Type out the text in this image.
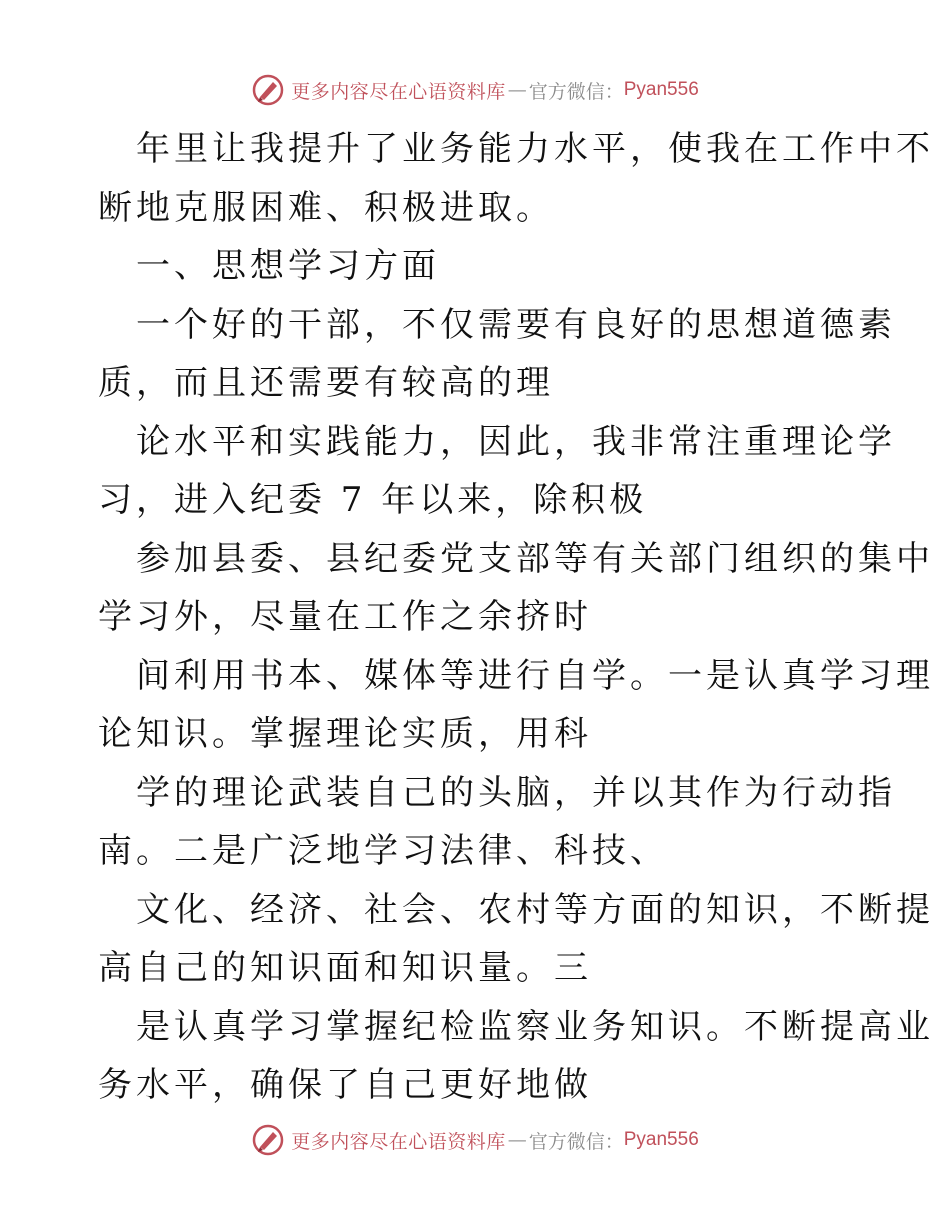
更多内容尽在心语资料库 — 官方微信： Pyan556
年里让我提升了业务能力水平，使我在工作中不
断地克服困难、积极进取。
一、思想学习方面
一个好的干部，不仅需要有良好的思想道德素
质，而且还需要有较高的理
论水平和实践能力，因此，我非常注重理论学
习，进入纪委 7 年以来，除积极
参加县委、县纪委党支部等有关部门组织的集中
学习外，尽量在工作之余挤时
间利用书本、媒体等进行自学。一是认真学习理
论知识。掌握理论实质，用科
学的理论武装自己的头脑，并以其作为行动指
南。二是广泛地学习法律、科技、
文化、经济、社会、农村等方面的知识，不断提
高自己的知识面和知识量。三
是认真学习掌握纪检监察业务知识。不断提高业
务水平，确保了自己更好地做
更多内容尽在心语资料库 — 官方微信： Pyan556
